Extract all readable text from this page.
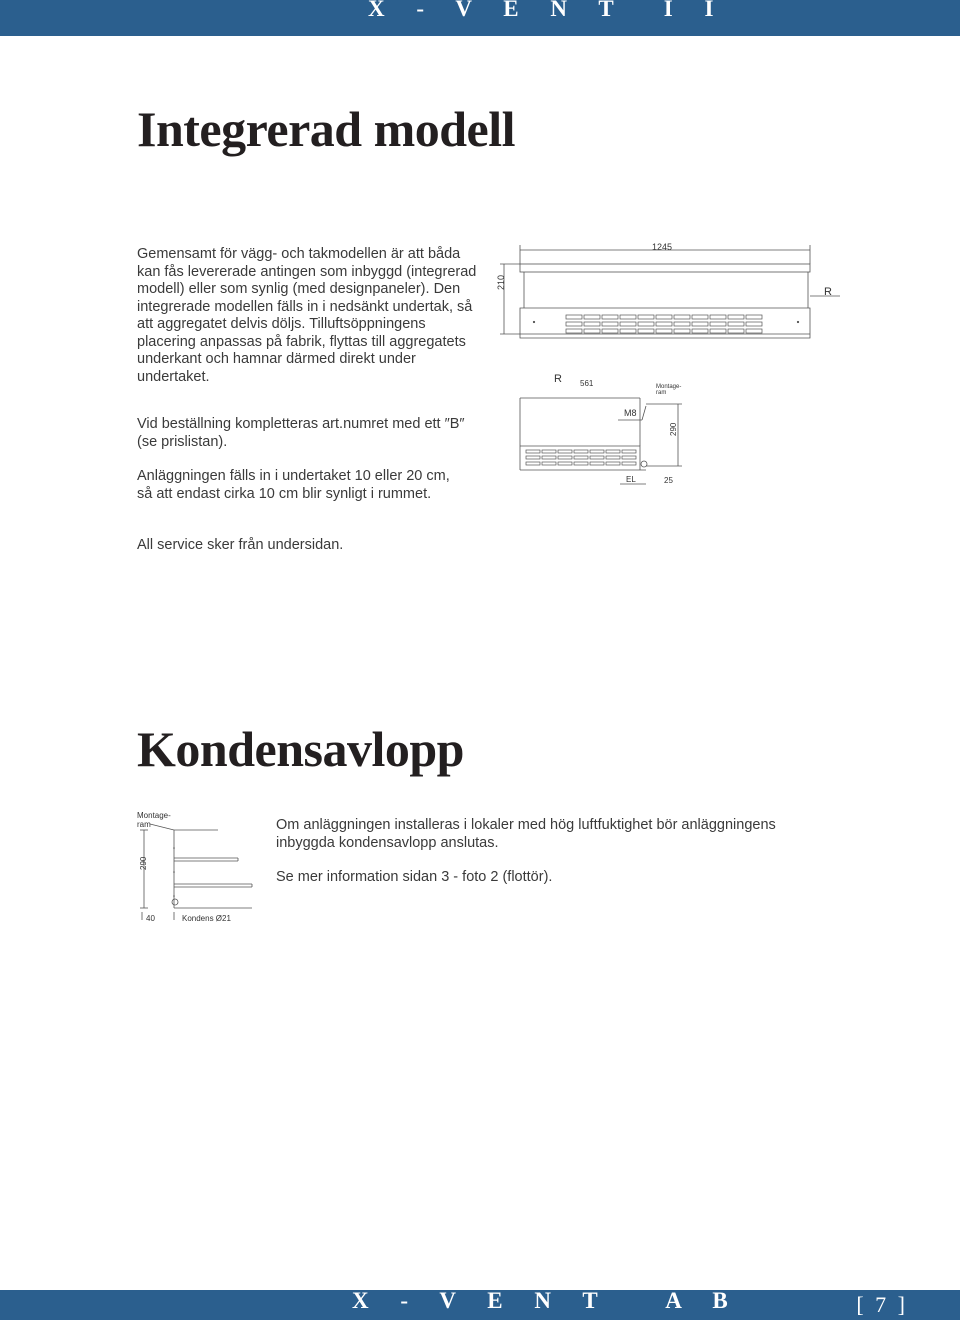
X - V E N T  I I
Integrerad modell

Gemensamt för vägg- och takmodellen är att båda kan fås levererade antingen som inbyggd (integrerad modell) eller som synlig (med designpaneler). Den integrerade modellen fälls in i nedsänkt undertak, så att aggregatet delvis döljs. Tilluftsöppningens placering anpassas på fabrik, flyttas till aggregatets underkant och hamnar därmed direkt under undertaket.

Vid beställning kompletteras art.numret med ett ″B″ (se prislistan).

Anläggningen fälls in i undertaket 10 eller 20 cm, så att endast cirka 10 cm blir synligt i rummet.

All service sker från undersidan.

1245
210
R
R 561	Montage-
ram
M8
290
EL	25
Kondensavlopp
Montage-
ram
290
40	Kondens Ø21

Om anläggningen installeras i lokaler med hög luftfuktighet bör anläggningens inbyggda kondensavlopp anslutas.

Se mer information sidan 3 - foto 2 (flottör).

X - V E N T   A B	[ 7 ]
